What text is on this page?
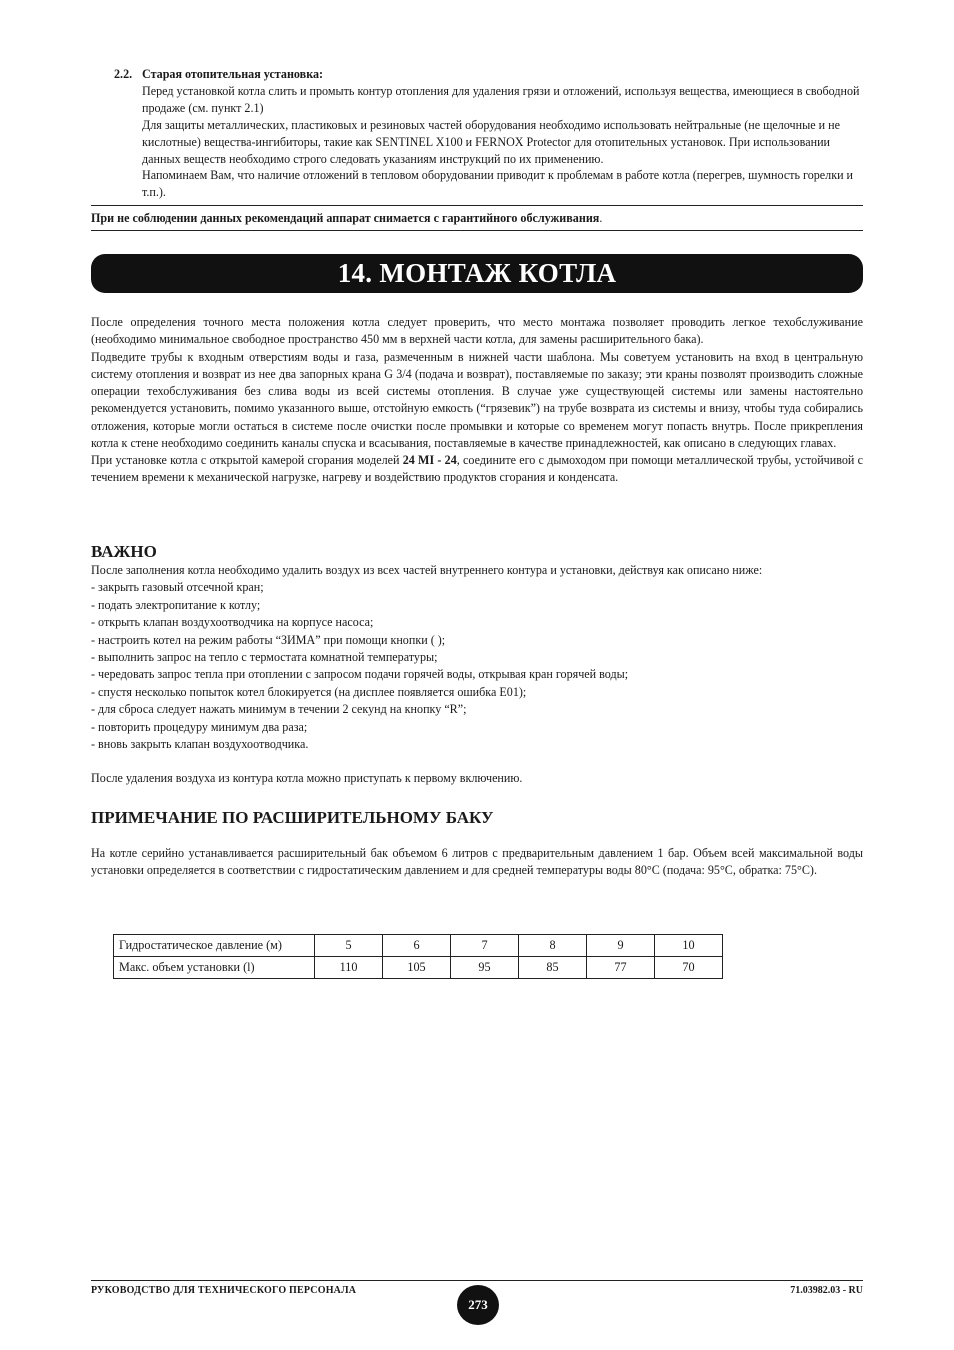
2.2. Старая отопительная установка:

Перед установкой котла слить и промыть контур отопления для удаления грязи и отложений, используя вещества, имеющиеся в свободной продаже (см. пункт 2.1)

Для защиты металлических, пластиковых и резиновых частей оборудования необходимо использовать нейтральные (не щелочные и не кислотные) вещества-ингибиторы, такие как SENTINEL X100 и FERNOX Protector для отопительных установок. При использовании данных веществ необходимо строго следовать указаниям инструкций по их применению.

Напоминаем Вам, что наличие отложений в тепловом оборудовании приводит к проблемам в работе котла (перегрев, шумность горелки и т.п.).

При не соблюдении данных рекомендаций аппарат снимается с гарантийного обслуживания.

14. МОНТАЖ КОТЛА

После определения точного места положения котла следует проверить, что место монтажа позволяет проводить легкое техобслуживание (необходимо минимальное свободное пространство 450 мм в верхней части котла, для замены расширительного бака).

Подведите трубы к входным отверстиям воды и газа, размеченным в нижней части шаблона. Мы советуем установить на вход в центральную систему отопления и возврат из нее два запорных крана G 3/4 (подача и возврат), поставляемые по заказу; эти краны позволят производить сложные операции техобслуживания без слива воды из всей системы отопления. В случае уже существующей системы или замены настоятельно рекомендуется установить, помимо указанного выше, отстойную емкость (“грязевик”) на трубе возврата из системы и внизу, чтобы туда собирались отложения, которые могли остаться в системе после очистки после промывки и которые со временем могут попасть внутрь. После прикрепления котла к стене необходимо соединить каналы спуска и всасывания, поставляемые в качестве принадлежностей, как описано в следующих главах.

При установке котла с открытой камерой сгорания моделей 24 MI - 24, соедините его с дымоходом при помощи металлической трубы, устойчивой с течением времени к механической нагрузке, нагреву и воздействию продуктов сгорания и конденсата.

ВАЖНО

После заполнения котла необходимо удалить воздух из всех частей внутреннего контура и установки, действуя как описано ниже:

- закрыть газовый отсечной кран;

- подать электропитание к котлу;

- открыть клапан воздухоотводчика на корпусе насоса;

- настроить котел на режим работы “ЗИМА” при помощи кнопки ( );

- выполнить запрос на тепло с термостата комнатной температуры;

- чередовать запрос тепла при отоплении с запросом подачи горячей воды, открывая кран горячей воды;

- спустя несколько попыток котел блокируется (на дисплее появляется ошибка E01);

- для сброса следует нажать минимум в течении 2 секунд на кнопку “R”;

- повторить процедуру минимум два раза;

- вновь закрыть клапан воздухоотводчика.

После удаления воздуха из контура котла можно приступать к первому включению.

ПРИМЕЧАНИЕ ПО РАСШИРИТЕЛЬНОМУ БАКУ

На котле серийно устанавливается расширительный бак объемом 6 литров с предварительным давлением 1 бар. Объем всей максимальной воды установки определяется в соответствии с гидростатическим давлением и для средней температуры воды 80°C (подача: 95°C, обратка: 75°C).

Гидростатическое давление (м)	5	6	7	8	9	10
Макс. объем установки (l)	110	105	95	85	77	70
РУКОВОДСТВО ДЛЯ ТЕХНИЧЕСКОГО ПЕРСОНАЛА
273
71.03982.03 - RU
